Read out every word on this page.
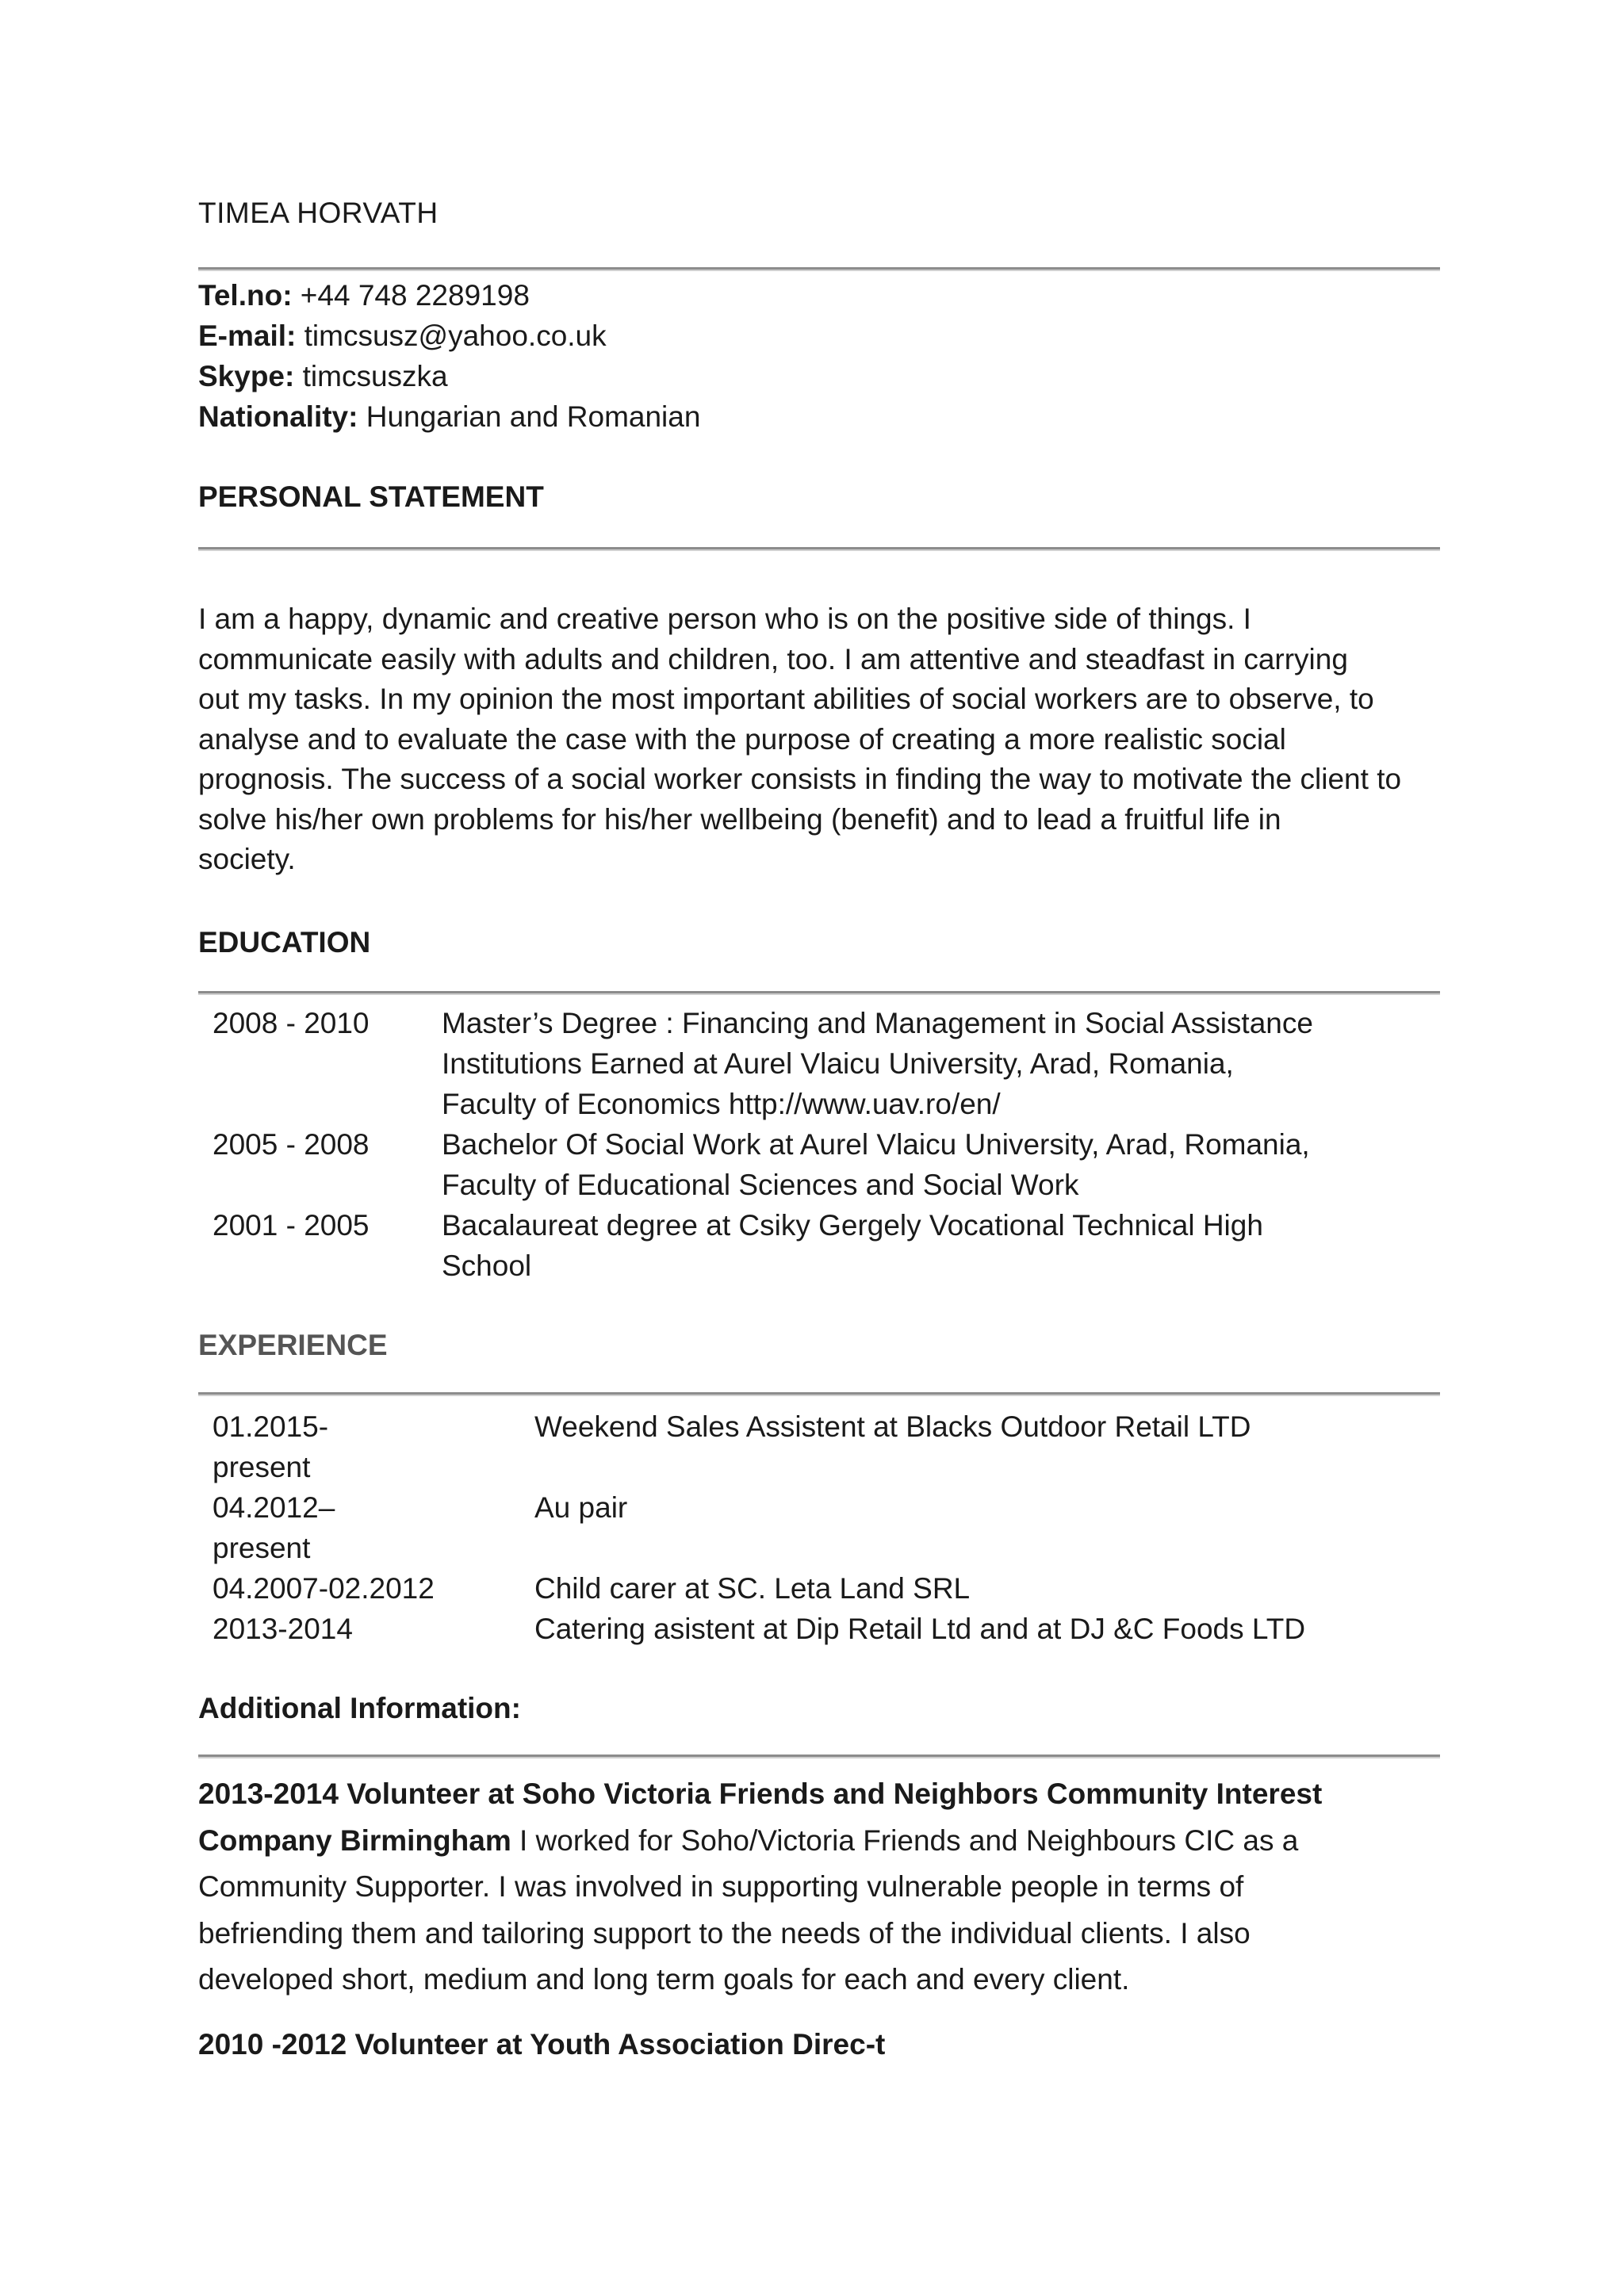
TIMEA HORVATH
Tel.no: +44 748 2289198
E-mail: timcsusz@yahoo.co.uk
Skype: timcsuszka
Nationality: Hungarian and Romanian
PERSONAL STATEMENT
I am a happy, dynamic and creative person who is on the positive side of things. I
communicate easily with adults and children, too. I am attentive and steadfast in carrying
out my tasks. In my opinion the most important abilities of social workers are to observe, to
analyse and to evaluate the case with the purpose of creating a more realistic social
prognosis. The success of a social worker consists in finding the way to motivate the client to
solve his/her own problems for his/her wellbeing (benefit) and to lead a fruitful life in
society.
EDUCATION
2008 - 2010 Master’s Degree : Financing and Management in Social Assistance
Institutions Earned at Aurel Vlaicu University, Arad, Romania,
Faculty of Economics http://www.uav.ro/en/
2005 - 2008 Bachelor Of Social Work at Aurel Vlaicu University, Arad, Romania,
Faculty of Educational Sciences and Social Work
2001 - 2005 Bacalaureat degree at Csiky Gergely Vocational Technical High
School
EXPERIENCE
01.2015-
present
Weekend Sales Assistent at Blacks Outdoor Retail LTD
04.2012–
present
Au pair
04.2007-02.2012	Child carer at SC. Leta Land SRL
2013-2014	Catering asistent at Dip Retail Ltd and at DJ &C Foods LTD
Additional Information:
2013-2014 Volunteer at Soho Victoria Friends and Neighbors Community Interest
Company Birmingham I worked for Soho/Victoria Friends and Neighbours CIC as a
Community Supporter. I was involved in supporting vulnerable people in terms of
befriending them and tailoring support to the needs of the individual clients. I also
developed short, medium and long term goals for each and every client.
2010 -2012 Volunteer at Youth Association Direc-t
